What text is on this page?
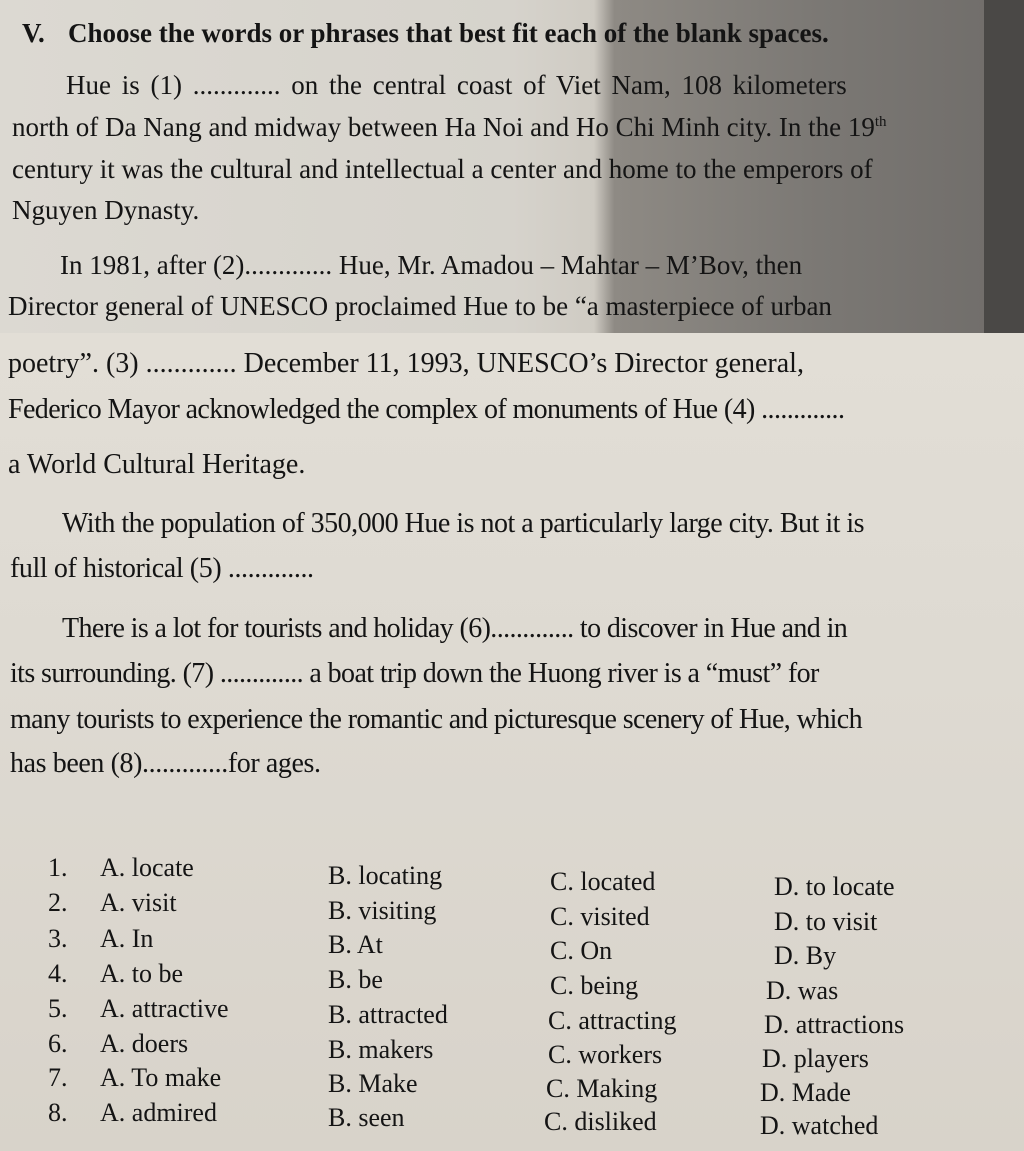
V. Choose the words or phrases that best fit each of the blank spaces.
Hue is (1) ............. on the central coast of Viet Nam, 108 kilometers
north of Da Nang and midway between Ha Noi and Ho Chi Minh city. In the 19th
century it was the cultural and intellectual a center and home to the emperors of
Nguyen Dynasty.
In 1981, after (2)............. Hue, Mr. Amadou – Mahtar – M’Bov, then
Director general of UNESCO proclaimed Hue to be “a masterpiece of urban
poetry”. (3) ............. December 11, 1993, UNESCO’s Director general,
Federico Mayor acknowledged the complex of monuments of Hue (4) .............
a World Cultural Heritage.
With the population of 350,000 Hue is not a particularly large city. But it is
full of historical (5) .............
There is a lot for tourists and holiday (6)............. to discover in Hue and in
its surrounding. (7) ............. a boat trip down the Huong river is a “must” for
many tourists to experience the romantic and picturesque scenery of Hue, which
has been (8).............for ages.
1. A. locate	B. locating	C. located	D. to locate
2. A. visit	B. visiting	C. visited	D. to visit
3. A. In	B. At	C. On	D. By
4. A. to be	B. be	C. being	D. was
5. A. attractive	B. attracted	C. attracting	D. attractions
6. A. doers	B. makers	C. workers	D. players
7. A. To make	B. Make	C. Making	D. Made
8. A. admired	B. seen	C. disliked	D. watched
